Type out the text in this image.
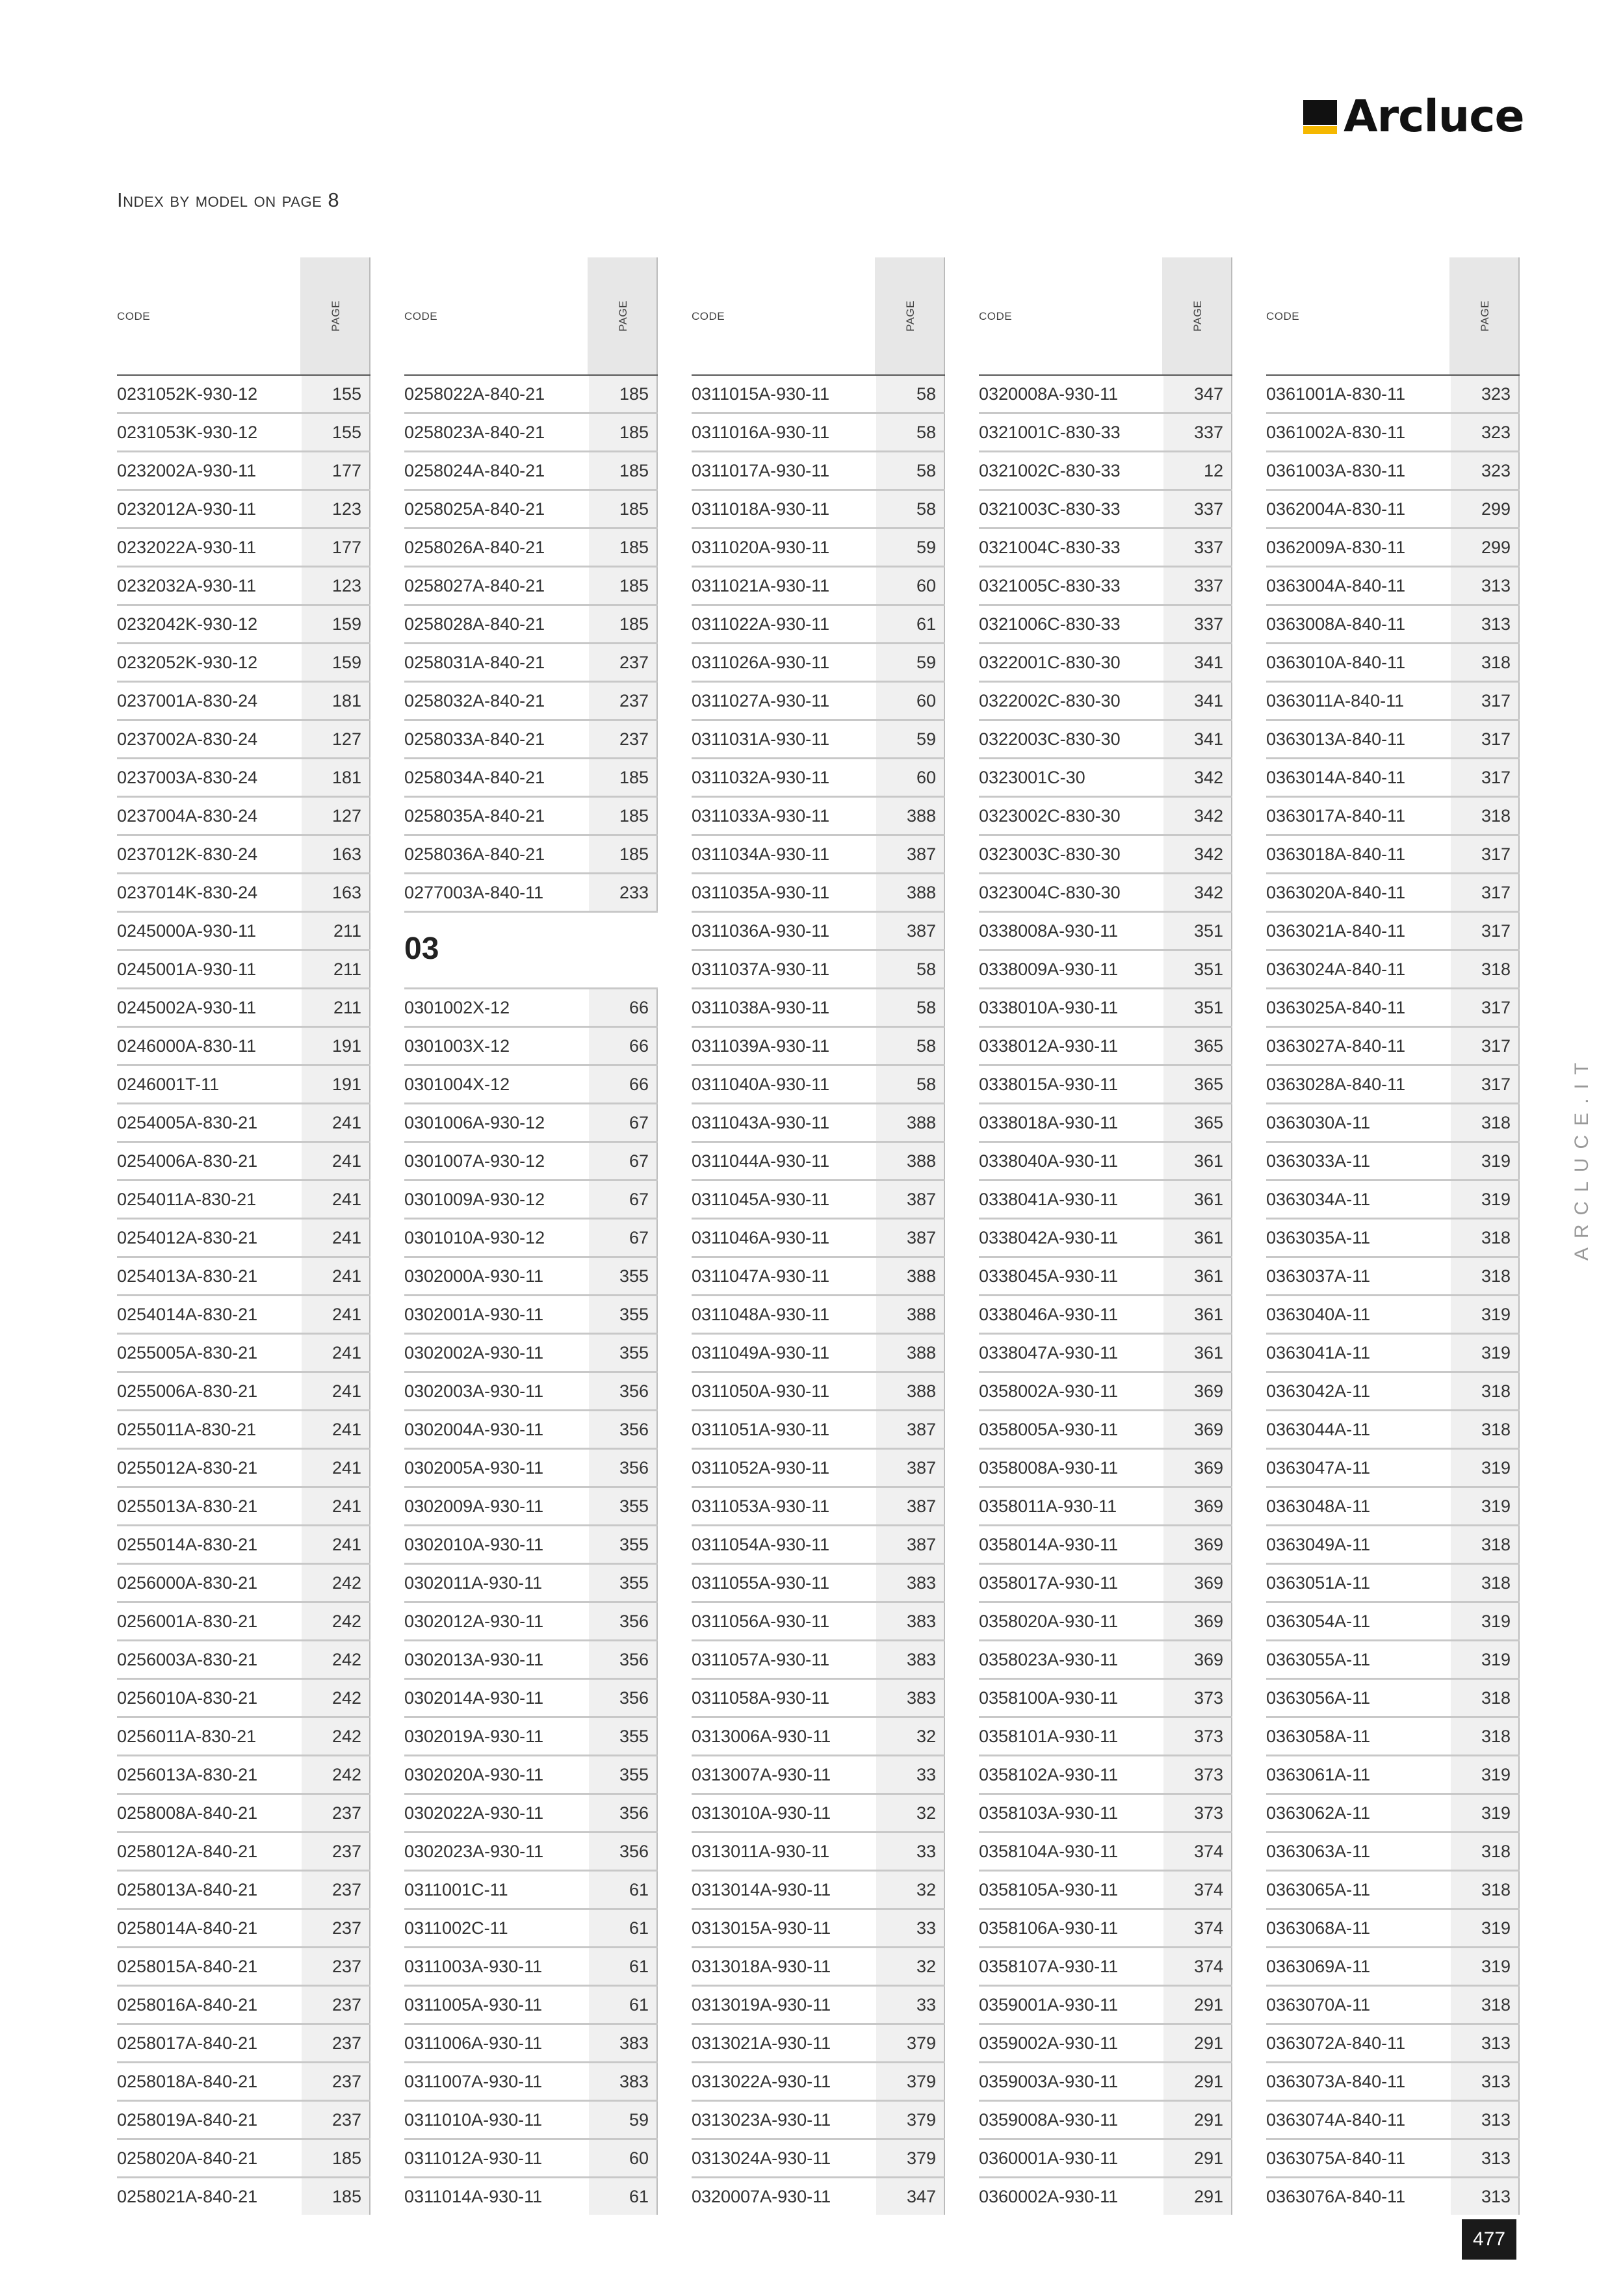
Arcluce
Index by model on page 8
code	page
0231052K-930-12	155
0231053K-930-12	155
0232002A-930-11	177
0232012A-930-11	123
0232022A-930-11	177
0232032A-930-11	123
0232042K-930-12	159
0232052K-930-12	159
0237001A-830-24	181
0237002A-830-24	127
0237003A-830-24	181
0237004A-830-24	127
0237012K-830-24	163
0237014K-830-24	163
0245000A-930-11	211
0245001A-930-11	211
0245002A-930-11	211
0246000A-830-11	191
0246001T-11	191
0254005A-830-21	241
0254006A-830-21	241
0254011A-830-21	241
0254012A-830-21	241
0254013A-830-21	241
0254014A-830-21	241
0255005A-830-21	241
0255006A-830-21	241
0255011A-830-21	241
0255012A-830-21	241
0255013A-830-21	241
0255014A-830-21	241
0256000A-830-21	242
0256001A-830-21	242
0256003A-830-21	242
0256010A-830-21	242
0256011A-830-21	242
0256013A-830-21	242
0258008A-840-21	237
0258012A-840-21	237
0258013A-840-21	237
0258014A-840-21	237
0258015A-840-21	237
0258016A-840-21	237
0258017A-840-21	237
0258018A-840-21	237
0258019A-840-21	237
0258020A-840-21	185
0258021A-840-21	185
code	page
0258022A-840-21	185
0258023A-840-21	185
0258024A-840-21	185
0258025A-840-21	185
0258026A-840-21	185
0258027A-840-21	185
0258028A-840-21	185
0258031A-840-21	237
0258032A-840-21	237
0258033A-840-21	237
0258034A-840-21	185
0258035A-840-21	185
0258036A-840-21	185
0277003A-840-11	233
03
0301002X-12	66
0301003X-12	66
0301004X-12	66
0301006A-930-12	67
0301007A-930-12	67
0301009A-930-12	67
0301010A-930-12	67
0302000A-930-11	355
0302001A-930-11	355
0302002A-930-11	355
0302003A-930-11	356
0302004A-930-11	356
0302005A-930-11	356
0302009A-930-11	355
0302010A-930-11	355
0302011A-930-11	355
0302012A-930-11	356
0302013A-930-11	356
0302014A-930-11	356
0302019A-930-11	355
0302020A-930-11	355
0302022A-930-11	356
0302023A-930-11	356
0311001C-11	61
0311002C-11	61
0311003A-930-11	61
0311005A-930-11	61
0311006A-930-11	383
0311007A-930-11	383
0311010A-930-11	59
0311012A-930-11	60
0311014A-930-11	61
code	page
0311015A-930-11	58
0311016A-930-11	58
0311017A-930-11	58
0311018A-930-11	58
0311020A-930-11	59
0311021A-930-11	60
0311022A-930-11	61
0311026A-930-11	59
0311027A-930-11	60
0311031A-930-11	59
0311032A-930-11	60
0311033A-930-11	388
0311034A-930-11	387
0311035A-930-11	388
0311036A-930-11	387
0311037A-930-11	58
0311038A-930-11	58
0311039A-930-11	58
0311040A-930-11	58
0311043A-930-11	388
0311044A-930-11	388
0311045A-930-11	387
0311046A-930-11	387
0311047A-930-11	388
0311048A-930-11	388
0311049A-930-11	388
0311050A-930-11	388
0311051A-930-11	387
0311052A-930-11	387
0311053A-930-11	387
0311054A-930-11	387
0311055A-930-11	383
0311056A-930-11	383
0311057A-930-11	383
0311058A-930-11	383
0313006A-930-11	32
0313007A-930-11	33
0313010A-930-11	32
0313011A-930-11	33
0313014A-930-11	32
0313015A-930-11	33
0313018A-930-11	32
0313019A-930-11	33
0313021A-930-11	379
0313022A-930-11	379
0313023A-930-11	379
0313024A-930-11	379
0320007A-930-11	347
code	page
0320008A-930-11	347
0321001C-830-33	337
0321002C-830-33	12
0321003C-830-33	337
0321004C-830-33	337
0321005C-830-33	337
0321006C-830-33	337
0322001C-830-30	341
0322002C-830-30	341
0322003C-830-30	341
0323001C-30	342
0323002C-830-30	342
0323003C-830-30	342
0323004C-830-30	342
0338008A-930-11	351
0338009A-930-11	351
0338010A-930-11	351
0338012A-930-11	365
0338015A-930-11	365
0338018A-930-11	365
0338040A-930-11	361
0338041A-930-11	361
0338042A-930-11	361
0338045A-930-11	361
0338046A-930-11	361
0338047A-930-11	361
0358002A-930-11	369
0358005A-930-11	369
0358008A-930-11	369
0358011A-930-11	369
0358014A-930-11	369
0358017A-930-11	369
0358020A-930-11	369
0358023A-930-11	369
0358100A-930-11	373
0358101A-930-11	373
0358102A-930-11	373
0358103A-930-11	373
0358104A-930-11	374
0358105A-930-11	374
0358106A-930-11	374
0358107A-930-11	374
0359001A-930-11	291
0359002A-930-11	291
0359003A-930-11	291
0359008A-930-11	291
0360001A-930-11	291
0360002A-930-11	291
code	page
0361001A-830-11	323
0361002A-830-11	323
0361003A-830-11	323
0362004A-830-11	299
0362009A-830-11	299
0363004A-840-11	313
0363008A-840-11	313
0363010A-840-11	318
0363011A-840-11	317
0363013A-840-11	317
0363014A-840-11	317
0363017A-840-11	318
0363018A-840-11	317
0363020A-840-11	317
0363021A-840-11	317
0363024A-840-11	318
0363025A-840-11	317
0363027A-840-11	317
0363028A-840-11	317
0363030A-11	318
0363033A-11	319
0363034A-11	319
0363035A-11	318
0363037A-11	318
0363040A-11	319
0363041A-11	319
0363042A-11	318
0363044A-11	318
0363047A-11	319
0363048A-11	319
0363049A-11	318
0363051A-11	318
0363054A-11	319
0363055A-11	319
0363056A-11	318
0363058A-11	318
0363061A-11	319
0363062A-11	319
0363063A-11	318
0363065A-11	318
0363068A-11	319
0363069A-11	319
0363070A-11	318
0363072A-840-11	313
0363073A-840-11	313
0363074A-840-11	313
0363075A-840-11	313
0363076A-840-11	313
ARCLUCE.IT
477
